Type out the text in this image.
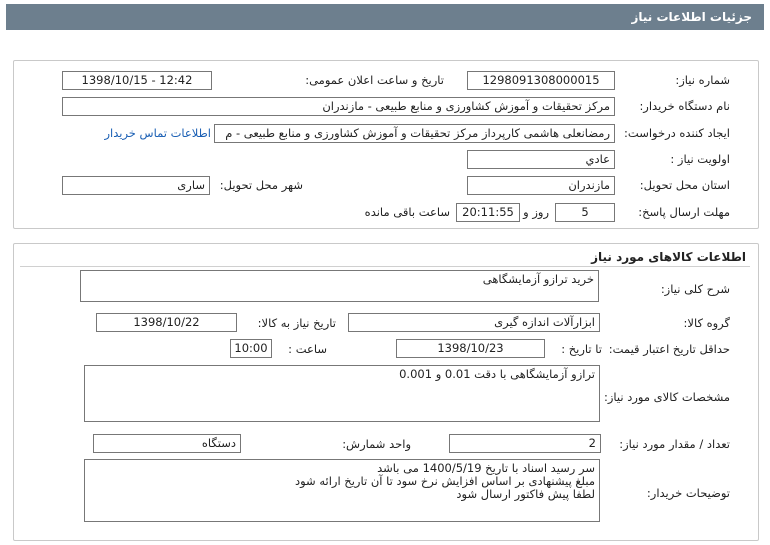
جزئیات اطلاعات نیاز
شماره نیاز:
1298091308000015
تاریخ و ساعت اعلان عمومی:
1398/10/15 - 12:42
نام دستگاه خریدار:
مرکز تحقیقات و آموزش کشاورزی و منابع طبیعی - مازندران
ایجاد کننده درخواست:
رمضانعلی هاشمی کارپرداز مرکز تحقیقات و آموزش کشاورزی و منابع طبیعی - م
اطلاعات تماس خریدار
اولویت نیاز :
عادي
استان محل تحویل:
مازندران
شهر محل تحویل:
ساری
مهلت ارسال پاسخ:
5
روز و
20:11:55
ساعت باقی مانده
اطلاعات کالاهای مورد نیاز
شرح کلی نیاز:
خرید ترازو آزمایشگاهی
گروه کالا:
ابزارآلات اندازه گیری
تاریخ نیاز به کالا:
1398/10/22
حداقل تاریخ اعتبار قیمت:
تا تاریخ :
1398/10/23
ساعت :
10:00
مشخصات کالای مورد نیاز:
ترازو آزمایشگاهی با دقت 0.01 و 0.001
تعداد / مقدار مورد نیاز:
2
واحد شمارش:
دستگاه
توضیحات خریدار:
سر رسید اسناد با تاریخ 1400/5/19 می باشد
مبلغ پیشنهادی بر اساس افزایش نرخ سود تا آن تاریخ ارائه شود
لطفا پیش فاکتور ارسال شود
